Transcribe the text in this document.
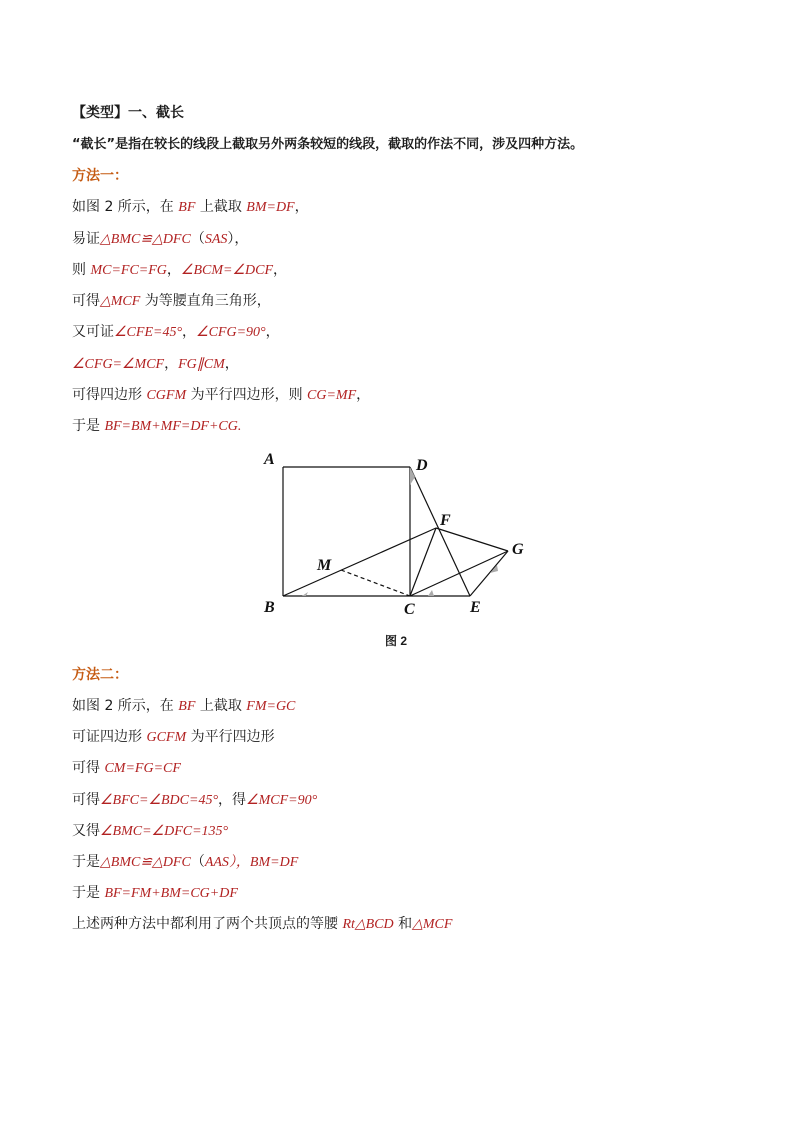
【类型】一、截长
“截长”是指在较长的线段上截取另外两条较短的线段，截取的作法不同，涉及四种方法。
方法一：
如图 2 所示，在 BF 上截取 BM=DF，
易证△BMC≌△DFC（SAS），
则 MC=FC=FG，∠BCM=∠DCF，
可得△MCF 为等腰直角三角形，
又可证∠CFE=45°，∠CFG=90°，
∠CFG=∠MCF，FG∥CM，
可得四边形 CGFM 为平行四边形，则 CG=MF，
于是 BF=BM+MF=DF+CG.
A	D
F
G
M
B	C	E
图 2
方法二：
如图 2 所示，在 BF 上截取 FM=GC
可证四边形 GCFM 为平行四边形
可得 CM=FG=CF
可得∠BFC=∠BDC=45°，得∠MCF=90°
又得∠BMC=∠DFC=135°
于是△BMC≌△DFC（AAS），BM=DF
于是 BF=FM+BM=CG+DF
上述两种方法中都利用了两个共顶点的等腰 Rt△BCD 和△MCF
